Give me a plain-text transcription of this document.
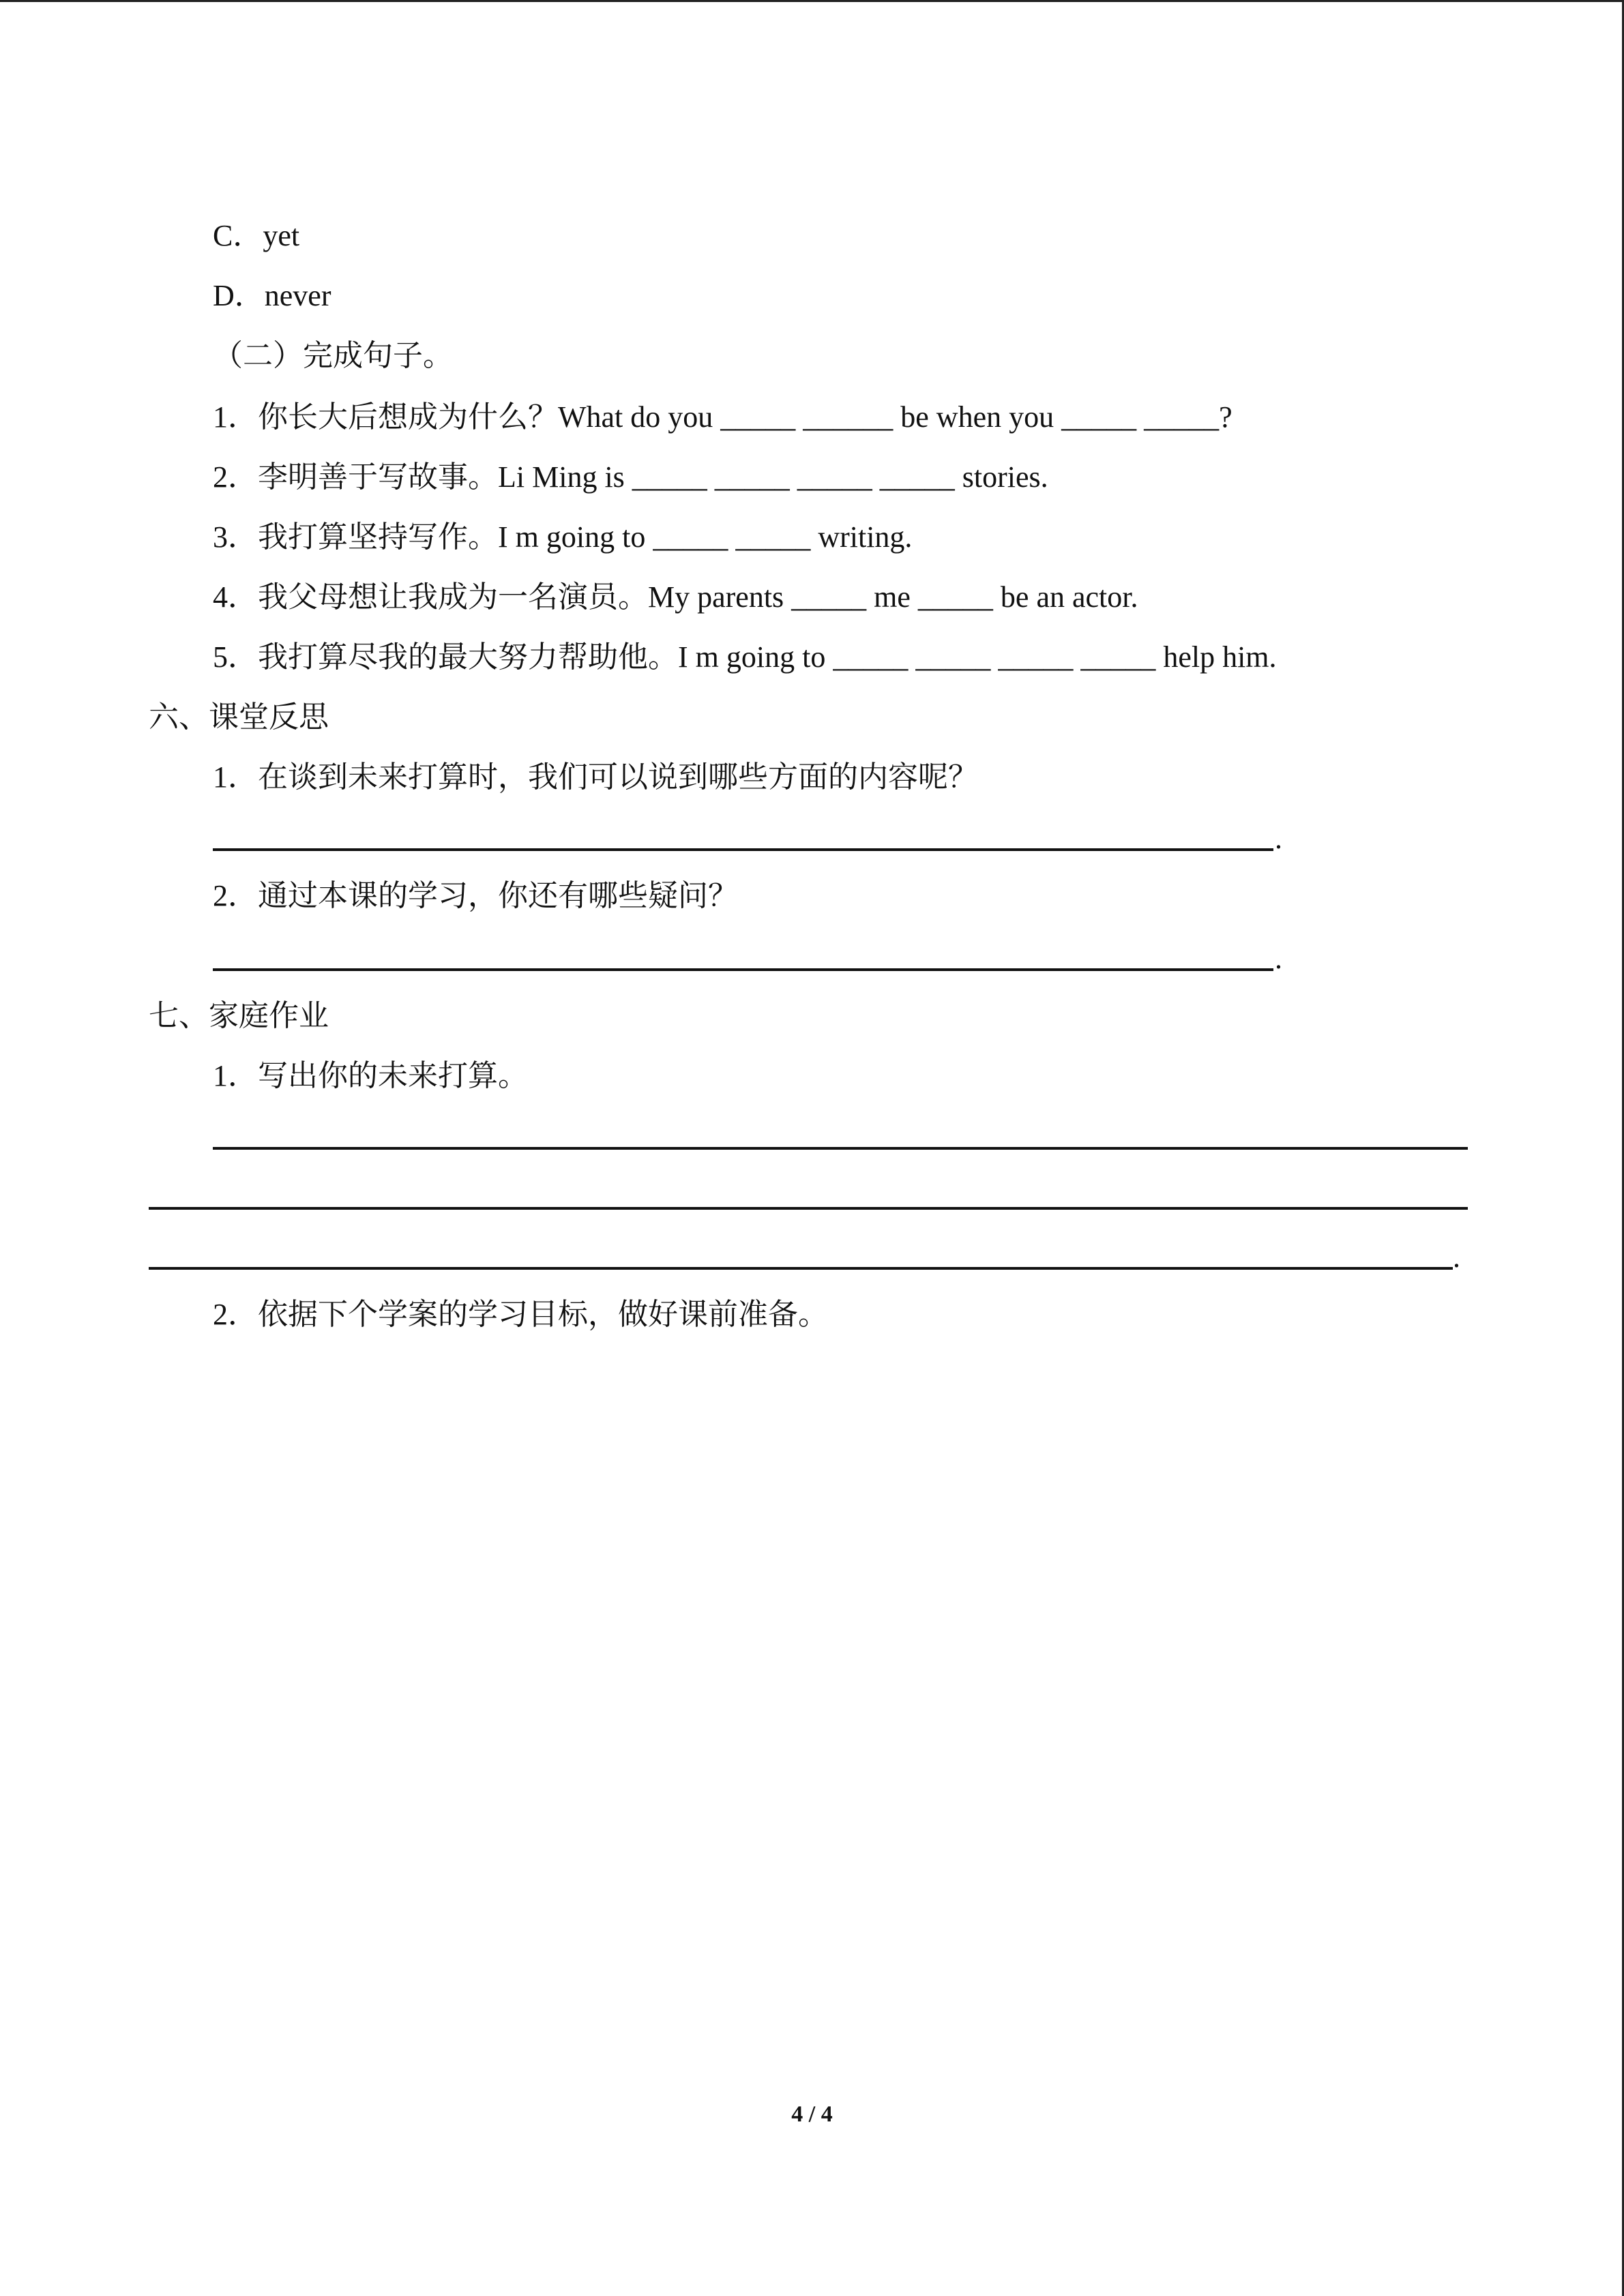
C．yet
D．never
（二）完成句子。
1．你长大后想成为什么？What do you _____ ______ be when you _____ _____?
2．李明善于写故事。Li Ming is _____ _____ _____ _____ stories.
3．我打算坚持写作。I m going to _____ _____ writing.
4．我父母想让我成为一名演员。My parents _____ me _____ be an actor.
5．我打算尽我的最大努力帮助他。I m going to _____ _____ _____ _____ help him.
六、课堂反思
1．在谈到未来打算时，我们可以说到哪些方面的内容呢？
.
2．通过本课的学习，你还有哪些疑问？
.
七、家庭作业
1．写出你的未来打算。
.
2．依据下个学案的学习目标，做好课前准备。
4 / 4
